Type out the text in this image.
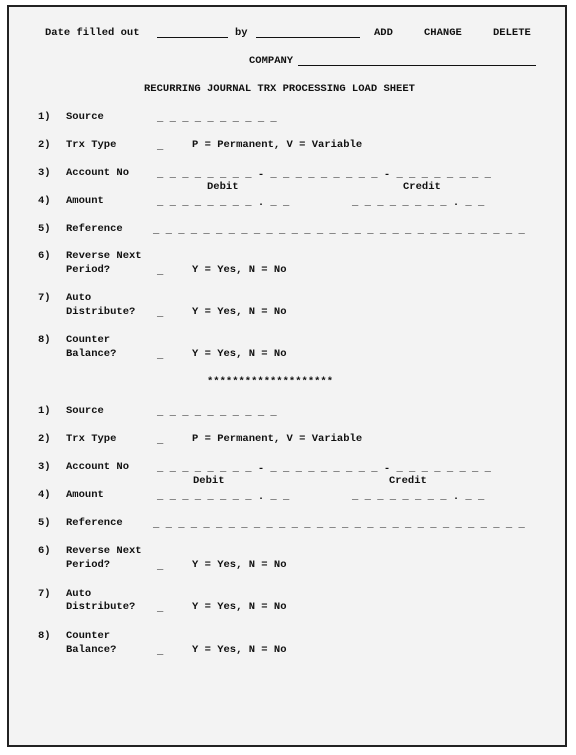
Date filled out	by	ADD	CHANGE	DELETE
COMPANY
RECURRING JOURNAL TRX PROCESSING LOAD SHEET
1) Source	_ _ _ _ _ _ _ _ _ _
2) Trx Type	_	P = Permanent, V = Variable
3) Account No	_ _ _ _ _ _ _ _ - _ _ _ _ _ _ _ _ _ - _ _ _ _ _ _ _ _
Debit	Credit
4) Amount	_ _ _ _ _ _ _ _ . _ _	_ _ _ _ _ _ _ _ . _ _
5) Reference	_ _ _ _ _ _ _ _ _ _ _ _ _ _ _ _ _ _ _ _ _ _ _ _ _ _ _ _ _ _
6) Reverse Next
Period?	_	Y = Yes, N = No
7) Auto
Distribute? _	Y = Yes, N = No
8) Counter
Balance?	_	Y = Yes, N = No
********************
1) Source	_ _ _ _ _ _ _ _ _ _
2) Trx Type	_	P = Permanent, V = Variable
3) Account No	_ _ _ _ _ _ _ _ - _ _ _ _ _ _ _ _ _ - _ _ _ _ _ _ _ _
Debit	Credit
4) Amount	_ _ _ _ _ _ _ _ . _ _	_ _ _ _ _ _ _ _ . _ _
5) Reference	_ _ _ _ _ _ _ _ _ _ _ _ _ _ _ _ _ _ _ _ _ _ _ _ _ _ _ _ _ _
6) Reverse Next
Period?	_	Y = Yes, N = No
7) Auto
Distribute? _	Y = Yes, N = No
8) Counter
Balance?	_	Y = Yes, N = No
